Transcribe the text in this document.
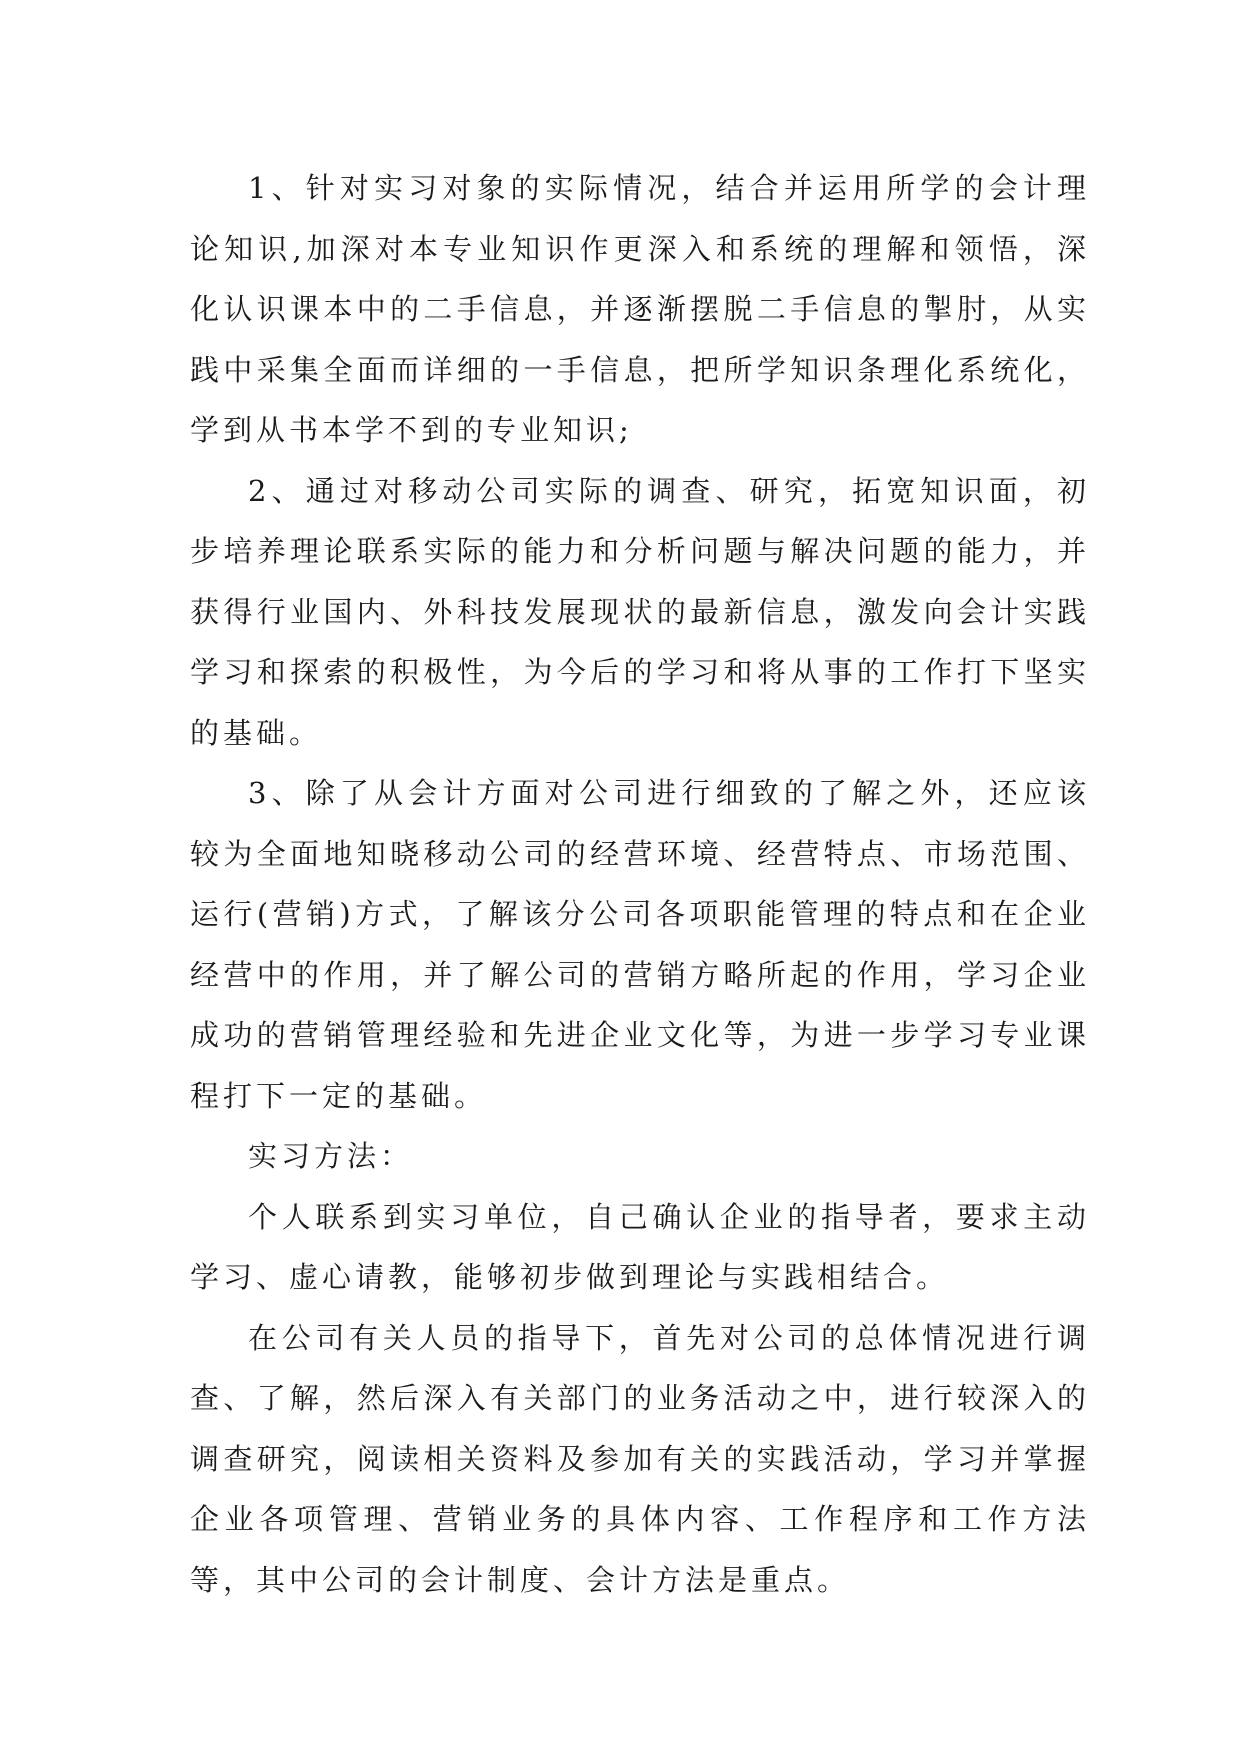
1、针对实习对象的实际情况，结合并运用所学的会计理论知识,加深对本专业知识作更深入和系统的理解和领悟，深化认识课本中的二手信息，并逐渐摆脱二手信息的掣肘，从实践中采集全面而详细的一手信息，把所学知识条理化系统化，学到从书本学不到的专业知识;

2、通过对移动公司实际的调查、研究，拓宽知识面，初步培养理论联系实际的能力和分析问题与解决问题的能力，并获得行业国内、外科技发展现状的最新信息，激发向会计实践学习和探索的积极性，为今后的学习和将从事的工作打下坚实的基础。

3、除了从会计方面对公司进行细致的了解之外，还应该较为全面地知晓移动公司的经营环境、经营特点、市场范围、运行(营销)方式，了解该分公司各项职能管理的特点和在企业经营中的作用，并了解公司的营销方略所起的作用，学习企业成功的营销管理经验和先进企业文化等，为进一步学习专业课程打下一定的基础。

实习方法：

个人联系到实习单位，自己确认企业的指导者，要求主动学习、虚心请教，能够初步做到理论与实践相结合。

在公司有关人员的指导下，首先对公司的总体情况进行调查、了解，然后深入有关部门的业务活动之中，进行较深入的调查研究，阅读相关资料及参加有关的实践活动，学习并掌握企业各项管理、营销业务的具体内容、工作程序和工作方法等，其中公司的会计制度、会计方法是重点。
